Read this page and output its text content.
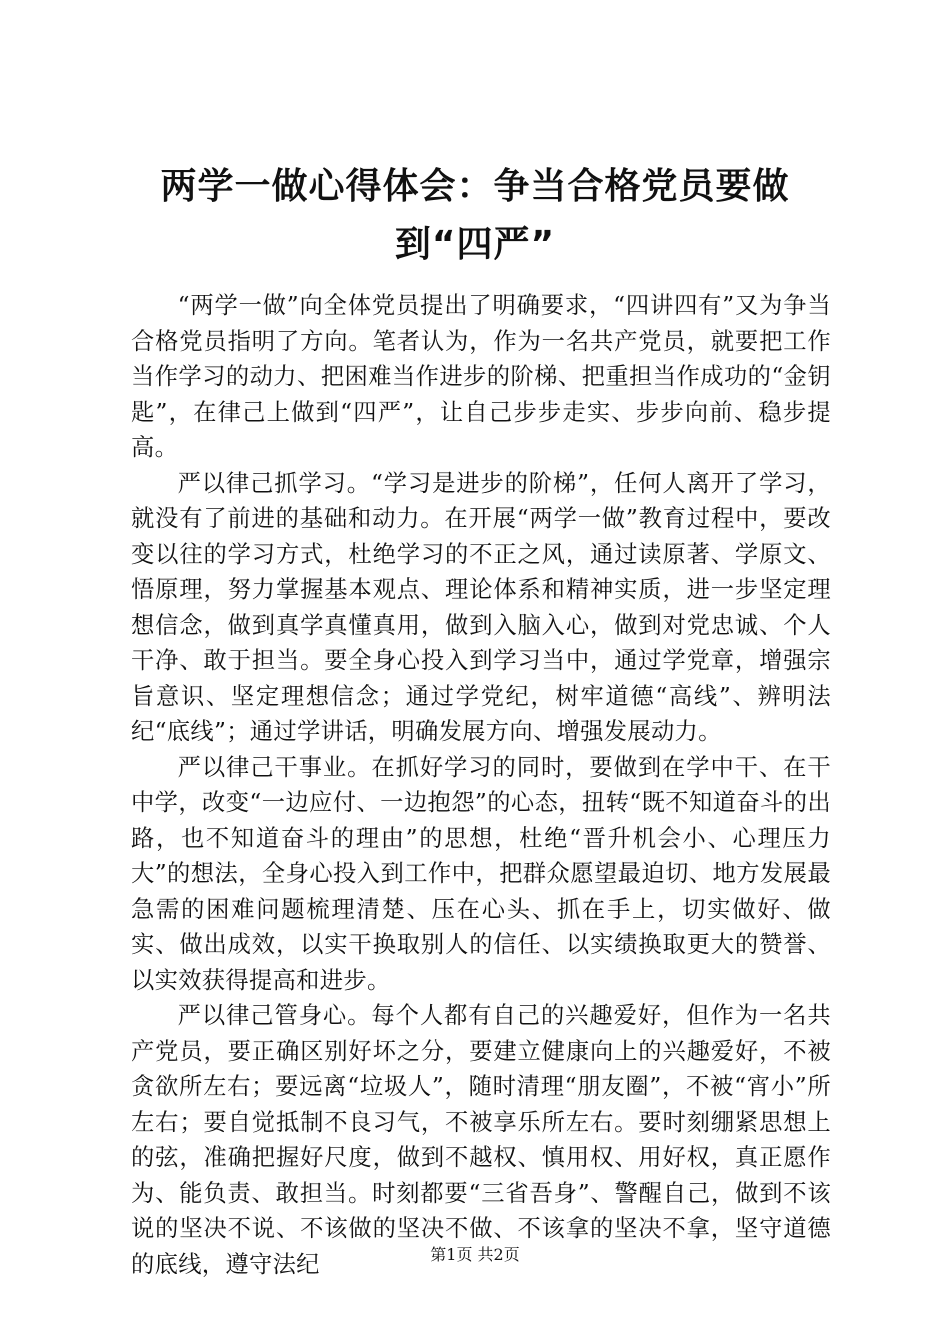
两学一做心得体会：争当合格党员要做到“四严”

“两学一做”向全体党员提出了明确要求，“四讲四有”又为争当合格党员指明了方向。笔者认为，作为一名共产党员，就要把工作当作学习的动力、把困难当作进步的阶梯、把重担当作成功的“金钥匙”，在律己上做到“四严”，让自己步步走实、步步向前、稳步提高。

严以律己抓学习。“学习是进步的阶梯”，任何人离开了学习，就没有了前进的基础和动力。在开展“两学一做”教育过程中，要改变以往的学习方式，杜绝学习的不正之风，通过读原著、学原文、悟原理，努力掌握基本观点、理论体系和精神实质，进一步坚定理想信念，做到真学真懂真用，做到入脑入心，做到对党忠诚、个人干净、敢于担当。要全身心投入到学习当中，通过学党章，增强宗旨意识、坚定理想信念；通过学党纪，树牢道德“高线”、辨明法纪“底线”；通过学讲话，明确发展方向、增强发展动力。

严以律己干事业。在抓好学习的同时，要做到在学中干、在干中学，改变“一边应付、一边抱怨”的心态，扭转“既不知道奋斗的出路，也不知道奋斗的理由”的思想，杜绝“晋升机会小、心理压力大”的想法，全身心投入到工作中，把群众愿望最迫切、地方发展最急需的困难问题梳理清楚、压在心头、抓在手上，切实做好、做实、做出成效，以实干换取别人的信任、以实绩换取更大的赞誉、以实效获得提高和进步。

严以律己管身心。每个人都有自己的兴趣爱好，但作为一名共产党员，要正确区别好坏之分，要建立健康向上的兴趣爱好，不被贪欲所左右；要远离“垃圾人”，随时清理“朋友圈”，不被“宵小”所左右；要自觉抵制不良习气，不被享乐所左右。要时刻绷紧思想上的弦，准确把握好尺度，做到不越权、慎用权、用好权，真正愿作为、能负责、敢担当。时刻都要“三省吾身”、警醒自己，做到不该说的坚决不说、不该做的坚决不做、不该拿的坚决不拿，坚守道德的底线，遵守法纪	第1页 共2页
